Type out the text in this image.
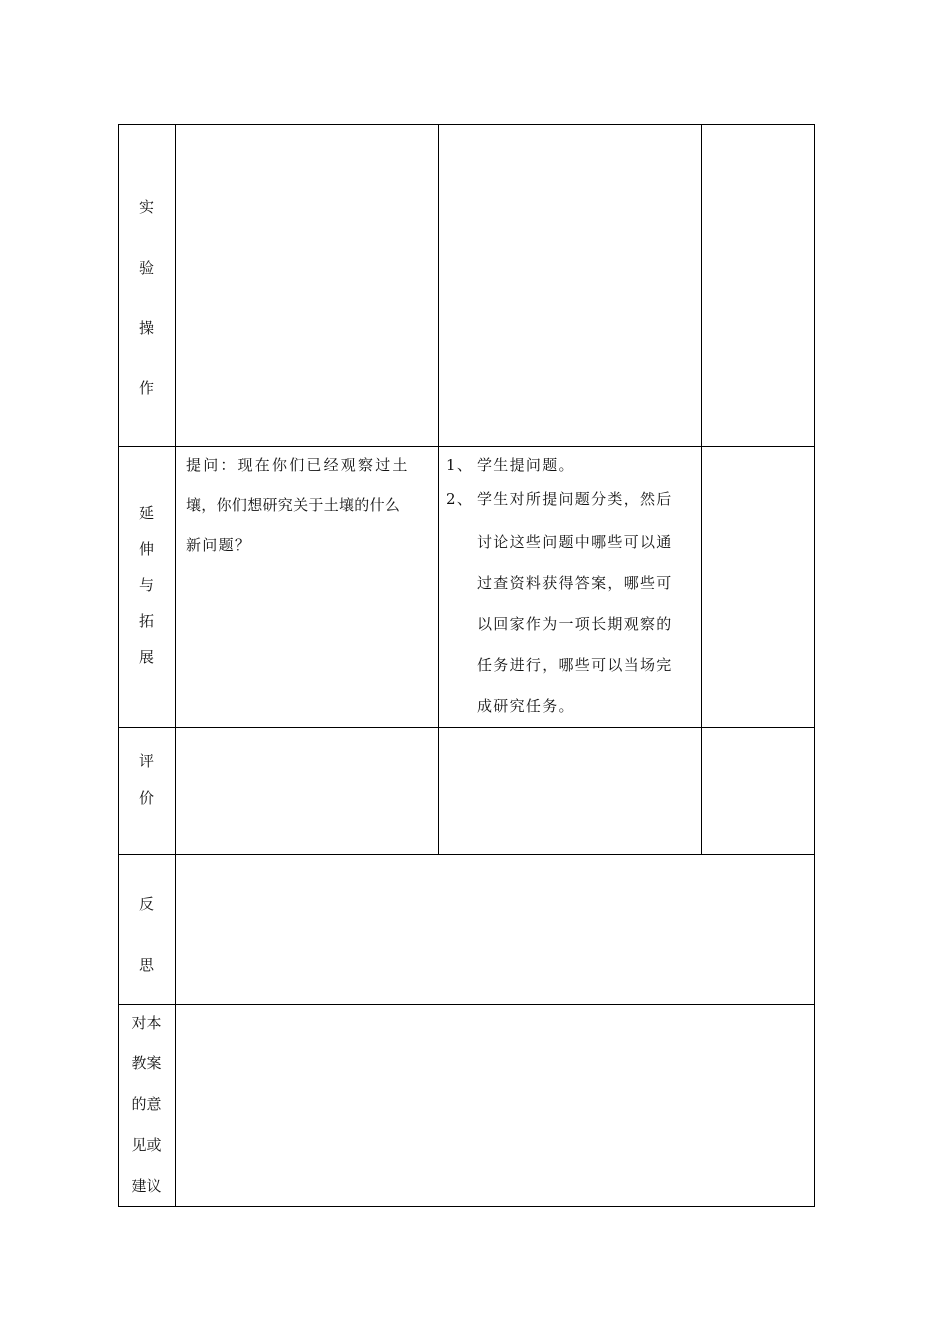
实
验
操
作
延
伸
与
拓
展
提问：现在你们已经观察过土
壤，你们想研究关于土壤的什么
新问题？
1、 学生提问题。
2、 学生对所提问题分类，然后
讨论这些问题中哪些可以通
过查资料获得答案，哪些可
以回家作为一项长期观察的
任务进行，哪些可以当场完
成研究任务。
评
价
反
思
对本
教案
的意
见或
建议
